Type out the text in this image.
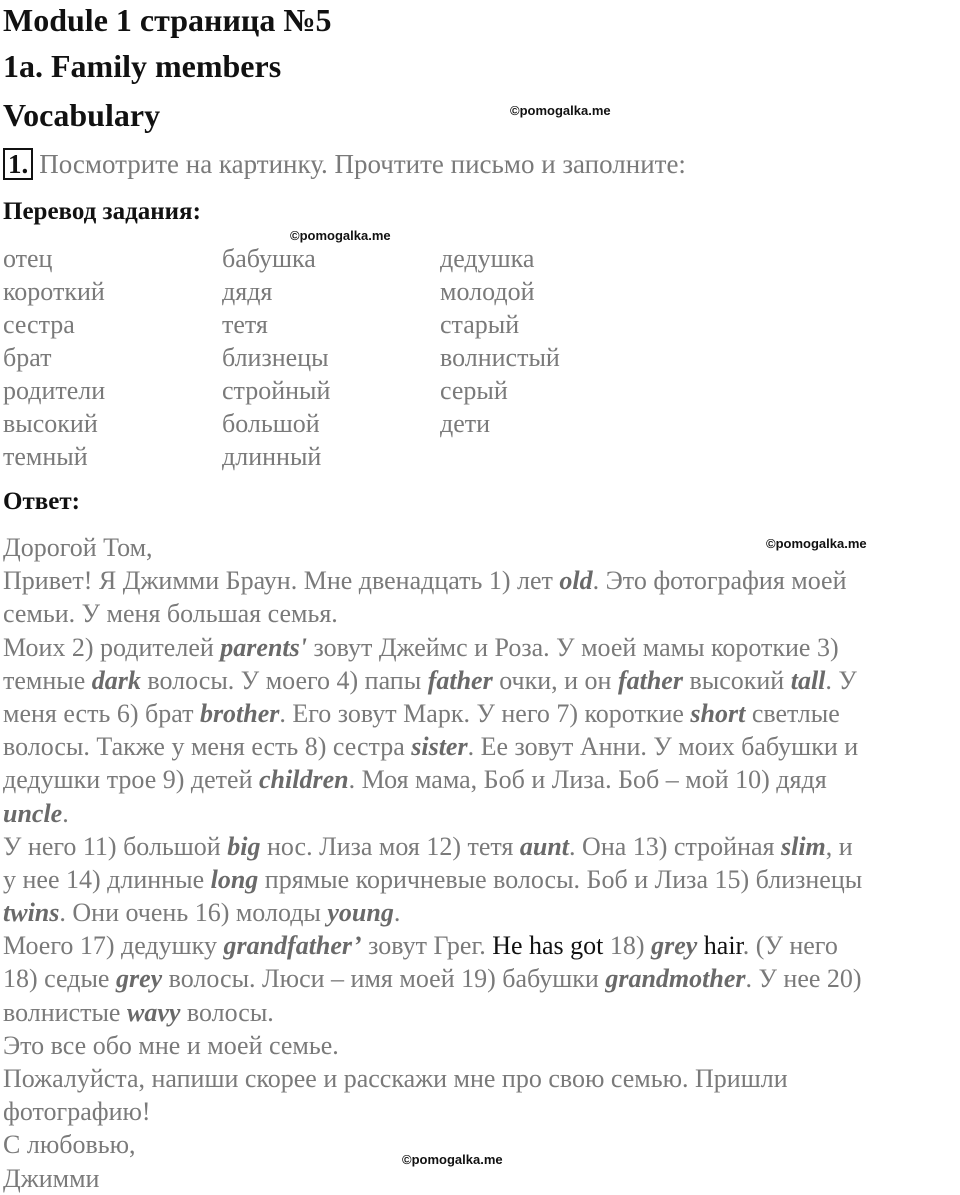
Module 1 страница №5
1a. Family members
Vocabulary	©pomogalka.me
1. Посмотрите на картинку. Прочтите письмо и заполните:
Перевод задания:
©pomogalka.me
отец
короткий
сестра
брат
родители
высокий
темный
бабушка
дядя
тетя
близнецы
стройный
большой
длинный
дедушка
молодой
старый
волнистый
серый
дети
Ответ:
©pomogalka.me
Дорогой Том,
Привет! Я Джимми Браун. Мне двенадцать 1) лет old. Это фотография моей
семьи. У меня большая семья.
Моих 2) родителей parents' зовут Джеймс и Роза. У моей мамы короткие 3)
темные dark волосы. У моего 4) папы father очки, и он father высокий tall. У
меня есть 6) брат brother. Его зовут Марк. У него 7) короткие short светлые
волосы. Также у меня есть 8) сестра sister. Ее зовут Анни. У моих бабушки и
дедушки трое 9) детей children. Моя мама, Боб и Лиза. Боб – мой 10) дядя
uncle.
У него 11) большой big нос. Лиза моя 12) тетя aunt. Она 13) стройная slim, и
у нее 14) длинные long прямые коричневые волосы. Боб и Лиза 15) близнецы
twins. Они очень 16) молоды young.
Моего 17) дедушку grandfather’ зовут Грег. He has got 18) grey hair. (У него
18) седые grey волосы. Люси – имя моей 19) бабушки grandmother. У нее 20)
волнистые wavy волосы.
Это все обо мне и моей семье.
Пожалуйста, напиши скорее и расскажи мне про свою семью. Пришли
фотографию!
С любовью,
Джимми
©pomogalka.me
